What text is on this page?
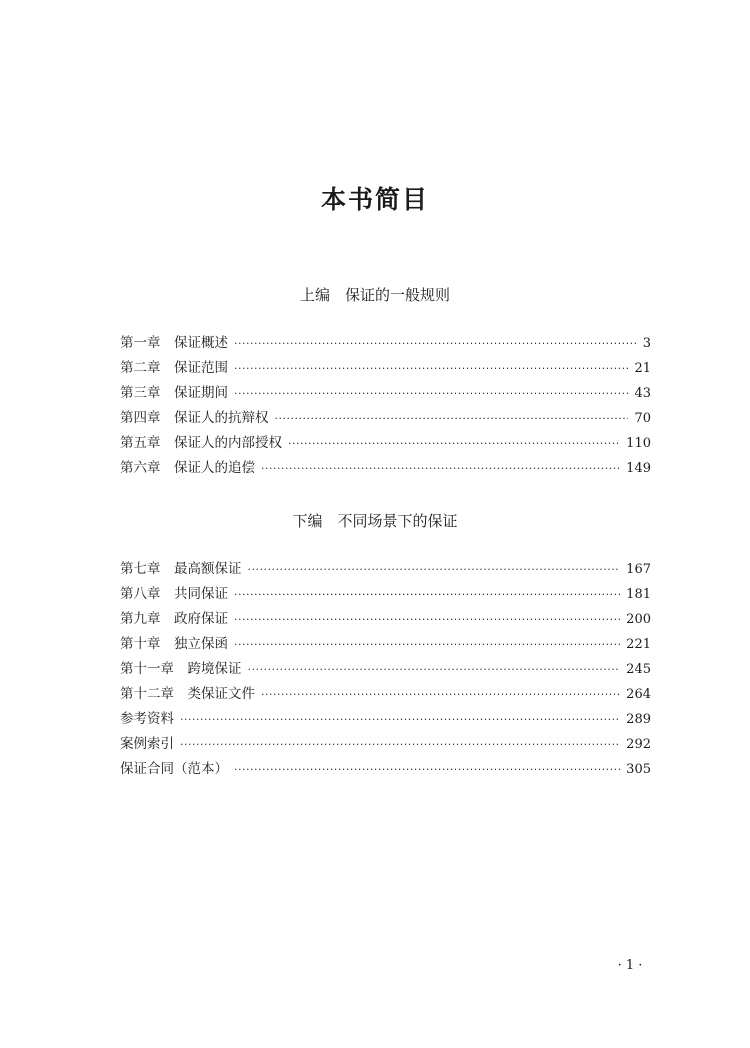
本书简目
上编　保证的一般规则
第一章　保证概述 ·····	3
第二章　保证范围 ·····	21
第三章　保证期间 ·····	43
第四章　保证人的抗辩权 ·····	70
第五章　保证人的内部授权 ·····	110
第六章　保证人的追偿 ·····	149
下编　不同场景下的保证
第七章　最高额保证 ·····	167
第八章　共同保证 ·····	181
第九章　政府保证 ·····	200
第十章　独立保函 ·····	221
第十一章　跨境保证 ·····	245
第十二章　类保证文件 ·····	264
参考资料 ·····	289
案例索引 ·····	292
保证合同（范本） ·····	305
· 1 ·
